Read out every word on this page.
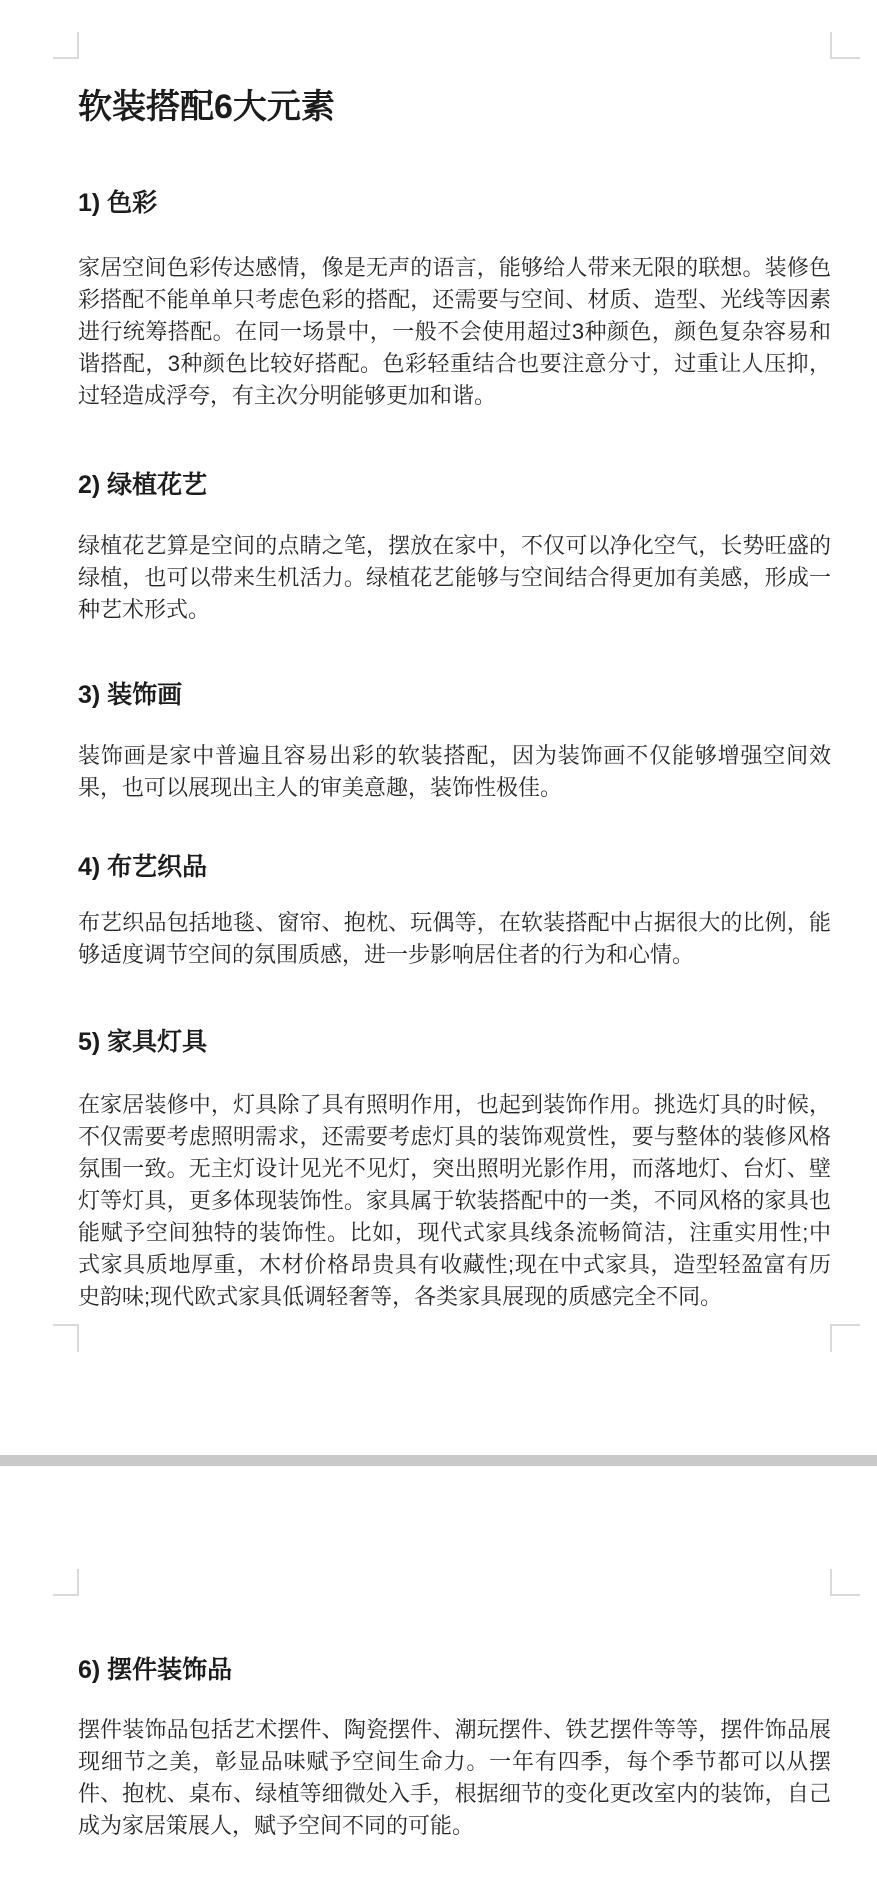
软装搭配6大元素
1) 色彩

家居空间色彩传达感情，像是无声的语言，能够给人带来无限的联想。装修色彩搭配不能单单只考虑色彩的搭配，还需要与空间、材质、造型、光线等因素进行统筹搭配。在同一场景中，一般不会使用超过3种颜色，颜色复杂容易和谐搭配，3种颜色比较好搭配。色彩轻重结合也要注意分寸，过重让人压抑，过轻造成浮夸，有主次分明能够更加和谐。

2) 绿植花艺

绿植花艺算是空间的点睛之笔，摆放在家中，不仅可以净化空气，长势旺盛的绿植，也可以带来生机活力。绿植花艺能够与空间结合得更加有美感，形成一种艺术形式。

3) 装饰画

装饰画是家中普遍且容易出彩的软装搭配，因为装饰画不仅能够增强空间效果，也可以展现出主人的审美意趣，装饰性极佳。

4) 布艺织品

布艺织品包括地毯、窗帘、抱枕、玩偶等，在软装搭配中占据很大的比例，能够适度调节空间的氛围质感，进一步影响居住者的行为和心情。

5) 家具灯具

在家居装修中，灯具除了具有照明作用，也起到装饰作用。挑选灯具的时候，不仅需要考虑照明需求，还需要考虑灯具的装饰观赏性，要与整体的装修风格氛围一致。无主灯设计见光不见灯，突出照明光影作用，而落地灯、台灯、壁灯等灯具，更多体现装饰性。家具属于软装搭配中的一类，不同风格的家具也能赋予空间独特的装饰性。比如，现代式家具线条流畅简洁，注重实用性;中式家具质地厚重，木材价格昂贵具有收藏性;现在中式家具，造型轻盈富有历史韵味;现代欧式家具低调轻奢等，各类家具展现的质感完全不同。

6) 摆件装饰品

摆件装饰品包括艺术摆件、陶瓷摆件、潮玩摆件、铁艺摆件等等，摆件饰品展现细节之美，彰显品味赋予空间生命力。一年有四季，每个季节都可以从摆件、抱枕、桌布、绿植等细微处入手，根据细节的变化更改室内的装饰，自己成为家居策展人，赋予空间不同的可能。
